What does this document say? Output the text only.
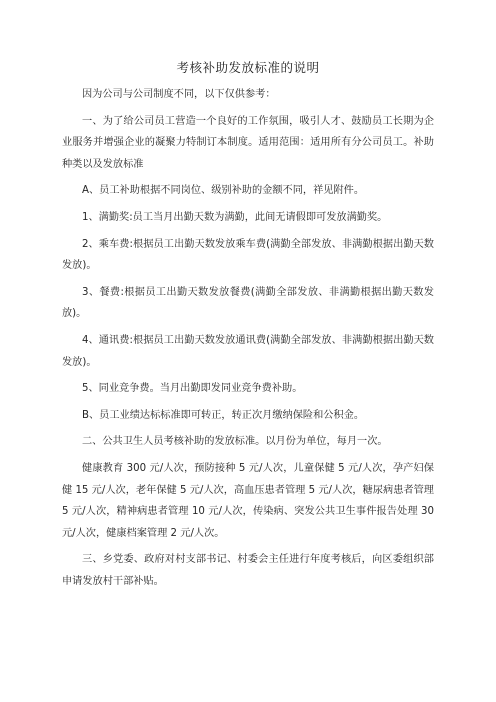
考核补助发放标准的说明

因为公司与公司制度不同，以下仅供参考：

一、为了给公司员工营造一个良好的工作氛围，吸引人才、鼓励员工长期为企业服务并增强企业的凝聚力特制订本制度。适用范围：适用所有分公司员工。补助种类以及发放标准

A、员工补助根据不同岗位、级别补助的金额不同，祥见附件。

1、满勤奖:员工当月出勤天数为满勤，此间无请假即可发放满勤奖。

2、乘车费:根据员工出勤天数发放乘车费(满勤全部发放、非满勤根据出勤天数发放)。

3、餐费:根据员工出勤天数发放餐费(满勤全部发放、非满勤根据出勤天数发放)。

4、通讯费:根据员工出勤天数发放通讯费(满勤全部发放、非满勤根据出勤天数发放)。

5、同业竞争费。当月出勤即发同业竞争费补助。

B、员工业绩达标标准即可转正，转正次月缴纳保险和公积金。

二、公共卫生人员考核补助的发放标准。以月份为单位，每月一次。

健康教育 300 元/人次，预防接种 5 元/人次，儿童保健 5 元/人次，孕产妇保健 15 元/人次，老年保健 5 元/人次，高血压患者管理 5 元/人次，糖尿病患者管理 5 元/人次，精神病患者管理 10 元/人次，传染病、突发公共卫生事件报告处理 30 元/人次，健康档案管理 2 元/人次。

三、乡党委、政府对村支部书记、村委会主任进行年度考核后，向区委组织部申请发放村干部补贴。
